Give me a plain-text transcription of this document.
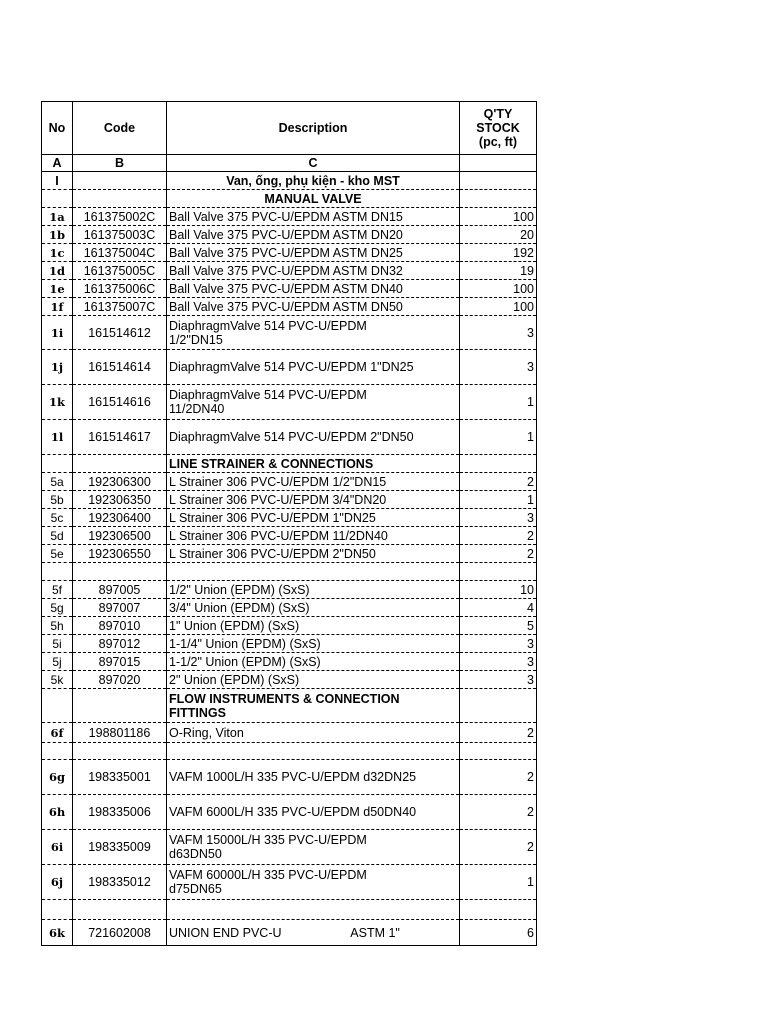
No	Code	Description	Q'TY STOCK (pc, ft)
A	B	C	
I		Van, ống, phụ kiện - kho MST	
		MANUAL VALVE	
1a	161375002C	Ball Valve 375 PVC-U/EPDM ASTM DN15	100
1b	161375003C	Ball Valve 375 PVC-U/EPDM ASTM DN20	20
1c	161375004C	Ball Valve 375 PVC-U/EPDM ASTM DN25	192
1d	161375005C	Ball Valve 375 PVC-U/EPDM ASTM DN32	19
1e	161375006C	Ball Valve 375 PVC-U/EPDM ASTM DN40	100
1f	161375007C	Ball Valve 375 PVC-U/EPDM ASTM DN50	100
1i	161514612	DiaphragmValve 514 PVC-U/EPDM 1/2"DN15	3
1j	161514614	DiaphragmValve 514 PVC-U/EPDM 1"DN25	3
1k	161514616	DiaphragmValve 514 PVC-U/EPDM 11/2DN40	1
1l	161514617	DiaphragmValve 514 PVC-U/EPDM 2"DN50	1
		LINE STRAINER & CONNECTIONS	
5a	192306300	L Strainer 306 PVC-U/EPDM 1/2"DN15	2
5b	192306350	L Strainer 306 PVC-U/EPDM 3/4"DN20	1
5c	192306400	L Strainer 306 PVC-U/EPDM 1"DN25	3
5d	192306500	L Strainer 306 PVC-U/EPDM 11/2DN40	2
5e	192306550	L Strainer 306 PVC-U/EPDM 2"DN50	2

5f	897005	1/2" Union (EPDM) (SxS)	10
5g	897007	3/4" Union (EPDM) (SxS)	4
5h	897010	1" Union (EPDM) (SxS)	5
5i	897012	1-1/4" Union (EPDM) (SxS)	3
5j	897015	1-1/2" Union (EPDM) (SxS)	3
5k	897020	2" Union (EPDM) (SxS)	3
		FLOW INSTRUMENTS & CONNECTION FITTINGS	
6f	198801186	O-Ring, Viton	2

6g	198335001	VAFM 1000L/H 335 PVC-U/EPDM d32DN25	2
6h	198335006	VAFM 6000L/H 335 PVC-U/EPDM d50DN40	2
6i	198335009	VAFM 15000L/H 335 PVC-U/EPDM d63DN50	2
6j	198335012	VAFM 60000L/H 335 PVC-U/EPDM d75DN65	1

6k	721602008	UNION END PVC-U                    ASTM 1"	6
